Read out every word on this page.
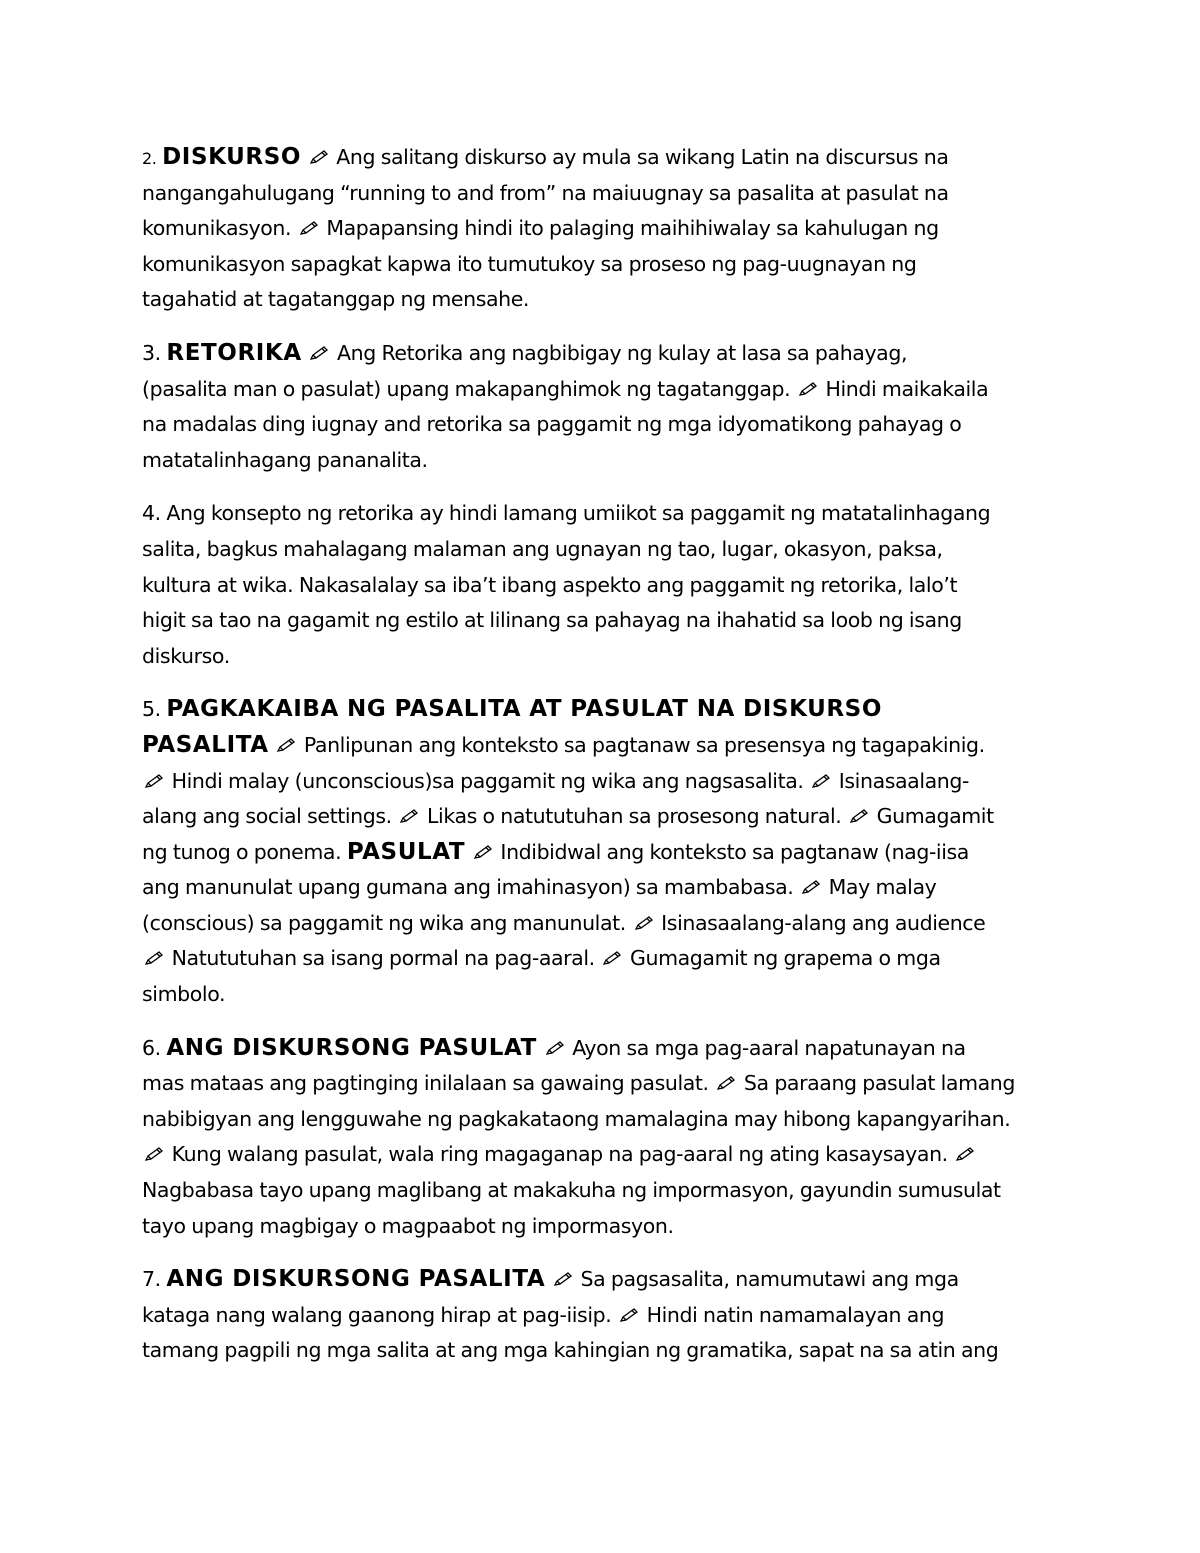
2. DISKURSO Ang salitang diskurso ay mula sa wikang Latin na discursus na
nangangahulugang “running to and from” na maiuugnay sa pasalita at pasulat na
komunikasyon. Mapapansing hindi ito palaging maihihiwalay sa kahulugan ng
komunikasyon sapagkat kapwa ito tumutukoy sa proseso ng pag-uugnayan ng
tagahatid at tagatanggap ng mensahe.
3. RETORIKA Ang Retorika ang nagbibigay ng kulay at lasa sa pahayag,
(pasalita man o pasulat) upang makapanghimok ng tagatanggap. Hindi maikakaila
na madalas ding iugnay and retorika sa paggamit ng mga idyomatikong pahayag o
matatalinhagang pananalita.
4. Ang konsepto ng retorika ay hindi lamang umiikot sa paggamit ng matatalinhagang
salita, bagkus mahalagang malaman ang ugnayan ng tao, lugar, okasyon, paksa,
kultura at wika. Nakasalalay sa iba’t ibang aspekto ang paggamit ng retorika, lalo’t
higit sa tao na gagamit ng estilo at lilinang sa pahayag na ihahatid sa loob ng isang
diskurso.
5. PAGKAKAIBA NG PASALITA AT PASULAT NA DISKURSO
PASALITA Panlipunan ang konteksto sa pagtanaw sa presensya ng tagapakinig.
Hindi malay (unconscious)sa paggamit ng wika ang nagsasalita. Isinasaalang-
alang ang social settings. Likas o natututuhan sa prosesong natural. Gumagamit
ng tunog o ponema. PASULAT Indibidwal ang konteksto sa pagtanaw (nag-iisa
ang manunulat upang gumana ang imahinasyon) sa mambabasa. May malay
(conscious) sa paggamit ng wika ang manunulat. Isinasaalang-alang ang audience
Natututuhan sa isang pormal na pag-aaral. Gumagamit ng grapema o mga
simbolo.
6. ANG DISKURSONG PASULAT Ayon sa mga pag-aaral napatunayan na
mas mataas ang pagtinging inilalaan sa gawaing pasulat. Sa paraang pasulat lamang
nabibigyan ang lengguwahe ng pagkakataong mamalagina may hibong kapangyarihan.
Kung walang pasulat, wala ring magaganap na pag-aaral ng ating kasaysayan.
Nagbabasa tayo upang maglibang at makakuha ng impormasyon, gayundin sumusulat
tayo upang magbigay o magpaabot ng impormasyon.
7. ANG DISKURSONG PASALITA Sa pagsasalita, namumutawi ang mga
kataga nang walang gaanong hirap at pag-iisip. Hindi natin namamalayan ang
tamang pagpili ng mga salita at ang mga kahingian ng gramatika, sapat na sa atin ang
